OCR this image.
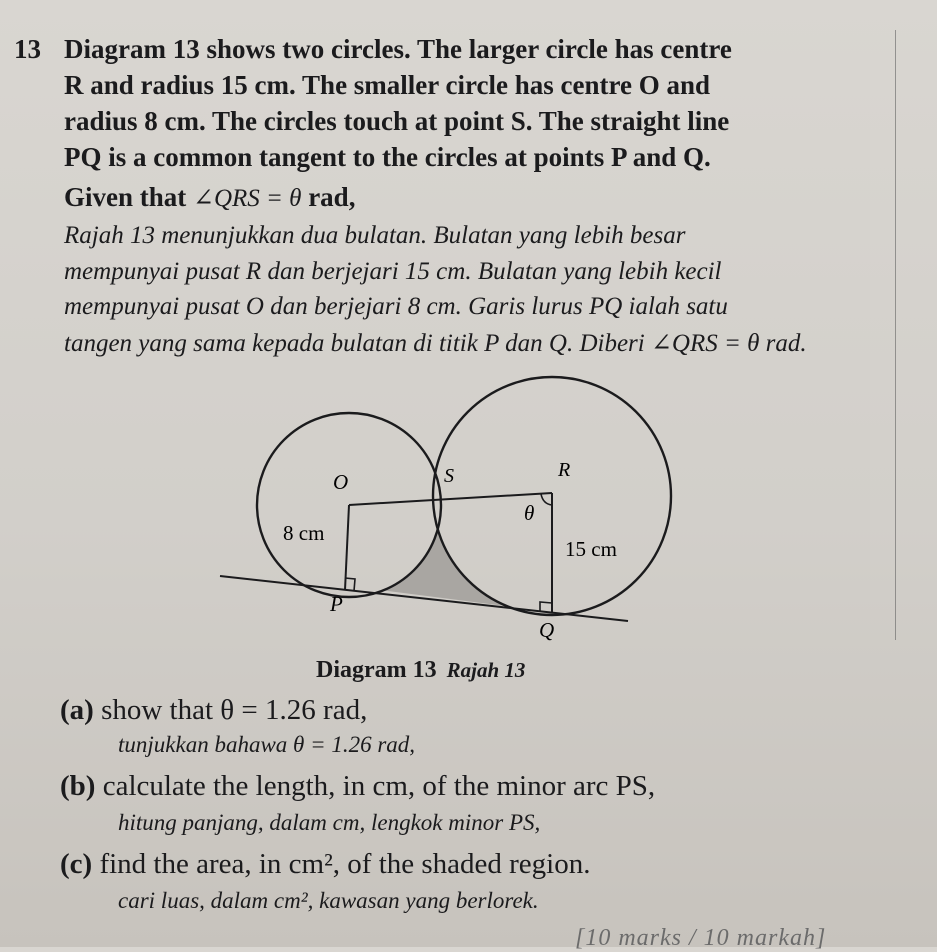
13 Diagram 13 shows two circles. The larger circle has centre
R and radius 15 cm. The smaller circle has centre O and
radius 8 cm. The circles touch at point S. The straight line
PQ is a common tangent to the circles at points P and Q.
Given that ∠QRS = θ rad,
Rajah 13 menunjukkan dua bulatan. Bulatan yang lebih besar
mempunyai pusat R dan berjejari 15 cm. Bulatan yang lebih kecil
mempunyai pusat O dan berjejari 8 cm. Garis lurus PQ ialah satu
tangen yang sama kepada bulatan di titik P dan Q. Diberi ∠QRS = θ rad.
O	S	R
θ
8 cm
15 cm
P
Q
Diagram 13 Rajah 13
(a) show that θ = 1.26 rad,
tunjukkan bahawa θ = 1.26 rad,
(b) calculate the length, in cm, of the minor arc PS,
hitung panjang, dalam cm, lengkok minor PS,
(c) find the area, in cm², of the shaded region.
cari luas, dalam cm², kawasan yang berlorek.
[10 marks / 10 markah]
